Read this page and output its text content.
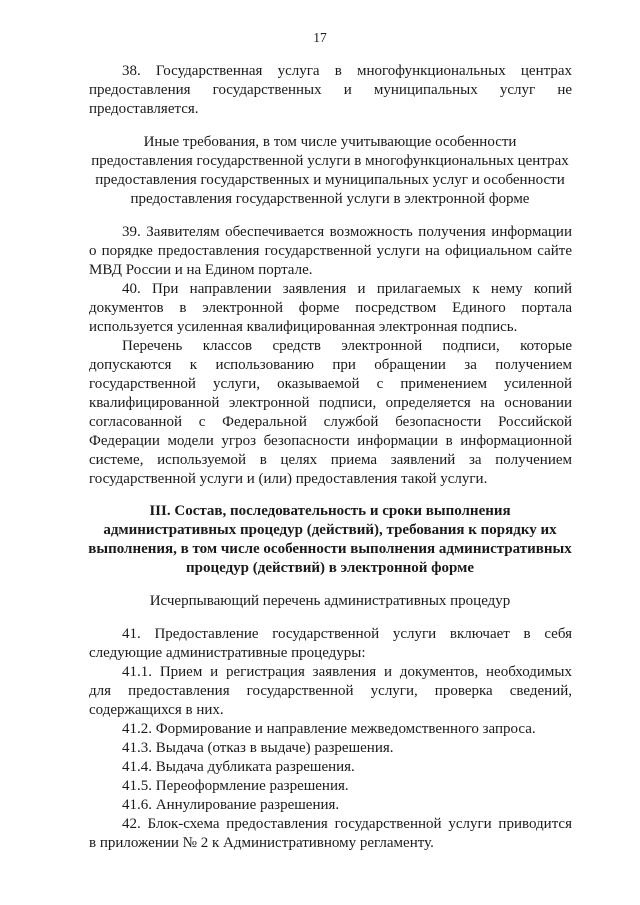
17
38. Государственная услуга в многофункциональных центрах
предоставления государственных и муниципальных услуг не
предоставляется.
Иные требования, в том числе учитывающие особенности
предоставления государственной услуги в многофункциональных центрах
предоставления государственных и муниципальных услуг и особенности
предоставления государственной услуги в электронной форме
39. Заявителям обеспечивается возможность получения информации
о порядке предоставления государственной услуги на официальном сайте
МВД России и на Едином портале.
40. При направлении заявления и прилагаемых к нему копий
документов в электронной форме посредством Единого портала
используется усиленная квалифицированная электронная подпись.
Перечень классов средств электронной подписи, которые
допускаются к использованию при обращении за получением
государственной услуги, оказываемой с применением усиленной
квалифицированной электронной подписи, определяется на основании
согласованной с Федеральной службой безопасности Российской
Федерации модели угроз безопасности информации в информационной
системе, используемой в целях приема заявлений за получением
государственной услуги и (или) предоставления такой услуги.
III. Состав, последовательность и сроки выполнения
административных процедур (действий), требования к порядку их
выполнения, в том числе особенности выполнения административных
процедур (действий) в электронной форме
Исчерпывающий перечень административных процедур
41. Предоставление государственной услуги включает в себя
следующие административные процедуры:
41.1. Прием и регистрация заявления и документов, необходимых
для предоставления государственной услуги, проверка сведений,
содержащихся в них.
41.2. Формирование и направление межведомственного запроса.
41.3. Выдача (отказ в выдаче) разрешения.
41.4. Выдача дубликата разрешения.
41.5. Переоформление разрешения.
41.6. Аннулирование разрешения.
42. Блок-схема предоставления государственной услуги приводится
в приложении № 2 к Административному регламенту.
